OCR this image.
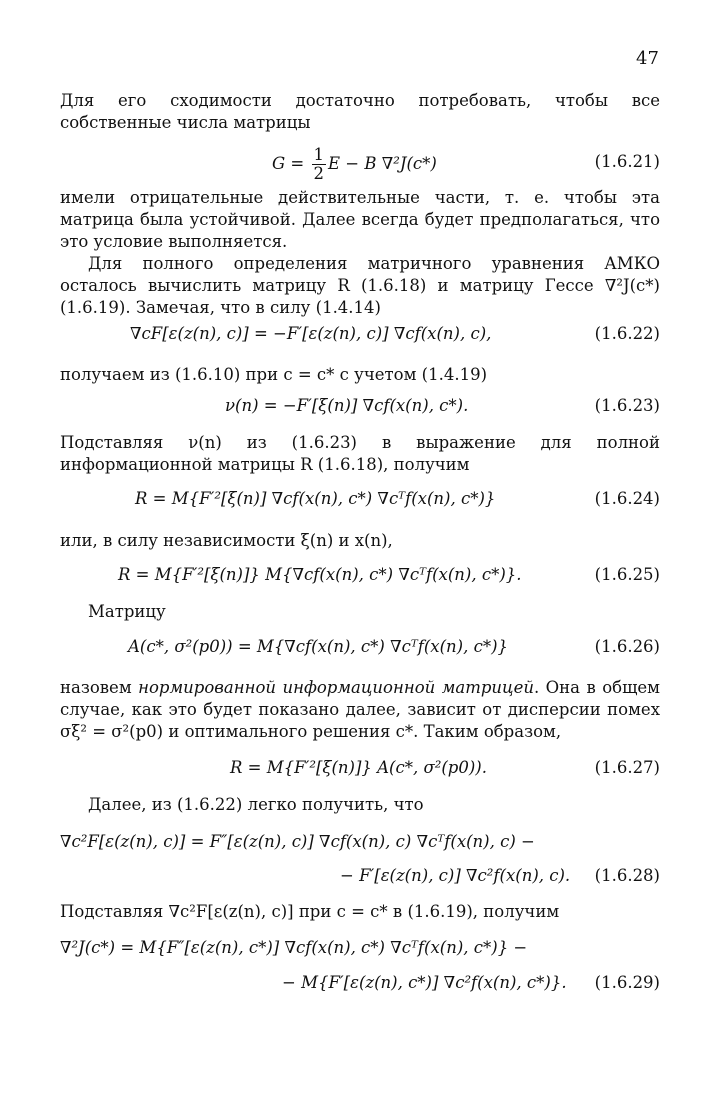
47
Для его сходимости достаточно потребовать, чтобы все собственные числа матрицы
$G = \frac{1}{2}$ E − B ∇²J(c*)	(1.6.21)
имели отрицательные действительные части, т. е. чтобы эта матрица была устойчивой. Далее всегда будет предполагаться, что это условие выполняется.
Для полного определения матричного уравнения АМКО осталось вычислить матрицу R (1.6.18) и матрицу Гессе ∇²J(c*) (1.6.19). Замечая, что в силу (1.4.14)
∇cF[ε(z(n), c)] = −F′[ε(z(n), c)] ∇cf(x(n), c),	(1.6.22)
получаем из (1.6.10) при c = c* с учетом (1.4.19)
ν(n) = −F′[ξ(n)] ∇cf(x(n), c*).	(1.6.23)
Подставляя ν(n) из (1.6.23) в выражение для полной информационной матрицы R (1.6.18), получим
R = M{F′²[ξ(n)] ∇cf(x(n), c*) ∇cᵀf(x(n), c*)}	(1.6.24)
или, в силу независимости ξ(n) и x(n),
R = M{F′²[ξ(n)]} M{∇cf(x(n), c*) ∇cᵀf(x(n), c*)}.	(1.6.25)
Матрицу
A(c*, σ²(p0)) = M{∇cf(x(n), c*) ∇cᵀf(x(n), c*)}	(1.6.26)
назовем нормированной информационной матрицей. Она в общем случае, как это будет показано далее, зависит от дисперсии помех σξ² = σ²(p0) и оптимального решения c*. Таким образом,
R = M{F′²[ξ(n)]} A(c*, σ²(p0)).	(1.6.27)
Далее, из (1.6.22) легко получить, что
∇c²F[ε(z(n), c)] = F″[ε(z(n), c)] ∇cf(x(n), c) ∇cᵀf(x(n), c) −
− F′[ε(z(n), c)] ∇c²f(x(n), c). (1.6.28)
Подставляя ∇c²F[ε(z(n), c)] при c = c* в (1.6.19), получим
∇²J(c*) = M{F″[ε(z(n), c*)] ∇cf(x(n), c*) ∇cᵀf(x(n), c*)} −
− M{F′[ε(z(n), c*)] ∇c²f(x(n), c*)}. (1.6.29)
